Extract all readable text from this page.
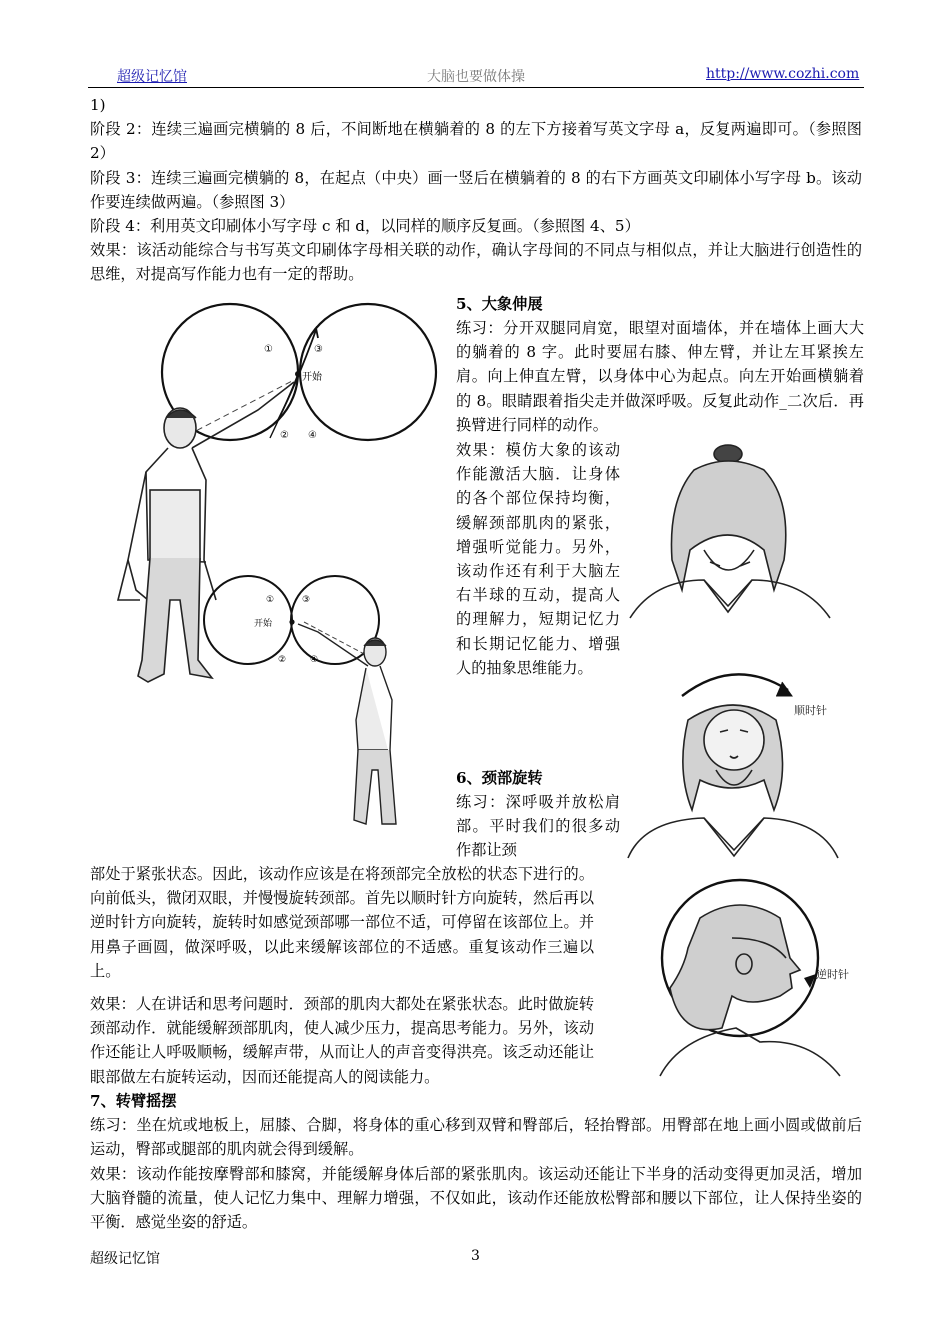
超级记忆馆	大脑也要做体操	http://www.cozhi.com
1)
阶段 2：连续三遍画完横躺的 8 后，不间断地在横躺着的 8 的左下方接着写英文字母 a，反复两遍即可。（参照图 2）
阶段 3：连续三遍画完横躺的 8，在起点（中央）画一竖后在横躺着的 8 的右下方画英文印刷体小写字母 b。该动作要连续做两遍。（参照图 3）
阶段 4：利用英文印刷体小写字母 c 和 d，以同样的顺序反复画。（参照图 4、5）
效果：该活动能综合与书写英文印刷体字母相关联的动作，确认字母间的不同点与相似点，并让大脑进行创造性的思维，对提高写作能力也有一定的帮助。
5、大象伸展
练习：分开双腿同肩宽，眼望对面墙体，并在墙体上画大大的躺着的 8 字。此时要屈右膝、伸左臂，并让左耳紧挨左肩。向上伸直左臂，以身体中心为起点。向左开始画横躺着的 8。眼睛跟着指尖走并做深呼吸。反复此动作_二次后．再换臂进行同样的动作。
效果：模仿大象的该动作能激活大脑．让身体的各个部位保持均衡，缓解颈部肌肉的紧张，增强听觉能力。另外，该动作还有利于大脑左右半球的互动，提高人的理解力，短期记忆力和长期记忆能力、增强人的抽象思维能力。
6、颈部旋转
练习：深呼吸并放松肩部。平时我们的很多动作都让颈
部处于紧张状态。因此，该动作应该是在将颈部完全放松的状态下进行的。向前低头，微闭双眼，并慢慢旋转颈部。首先以顺时针方向旋转，然后再以逆时针方向旋转，旋转时如感觉颈部哪一部位不适，可停留在该部位上。并用鼻子画圆，做深呼吸，以此来缓解该部位的不适感。重复该动作三遍以上。
效果：人在讲话和思考问题时．颈部的肌肉大都处在紧张状态。此时做旋转颈部动作．就能缓解颈部肌肉，使人减少压力，提高思考能力。另外，该动作还能让人呼吸顺畅，缓解声带，从而让人的声音变得洪亮。该乏动还能让眼部做左右旋转运动，因而还能提高人的阅读能力。
7、转臂摇摆
练习：坐在炕或地板上，屈膝、合脚，将身体的重心移到双臂和臀部后，轻抬臀部。用臀部在地上画小圆或做前后运动，臀部或腿部的肌肉就会得到缓解。
效果：该动作能按摩臀部和膝窝，并能缓解身体后部的紧张肌肉。该运动还能让下半身的活动变得更加灵活，增加大脑脊髓的流量，使人记忆力集中、理解力增强，不仅如此，该动作还能放松臀部和腰以下部位，让人保持坐姿的平衡．感觉坐姿的舒适。
开始
①	③
② ④
开始
①	③
②	④
顺时针
逆时针
超级记忆馆	3
